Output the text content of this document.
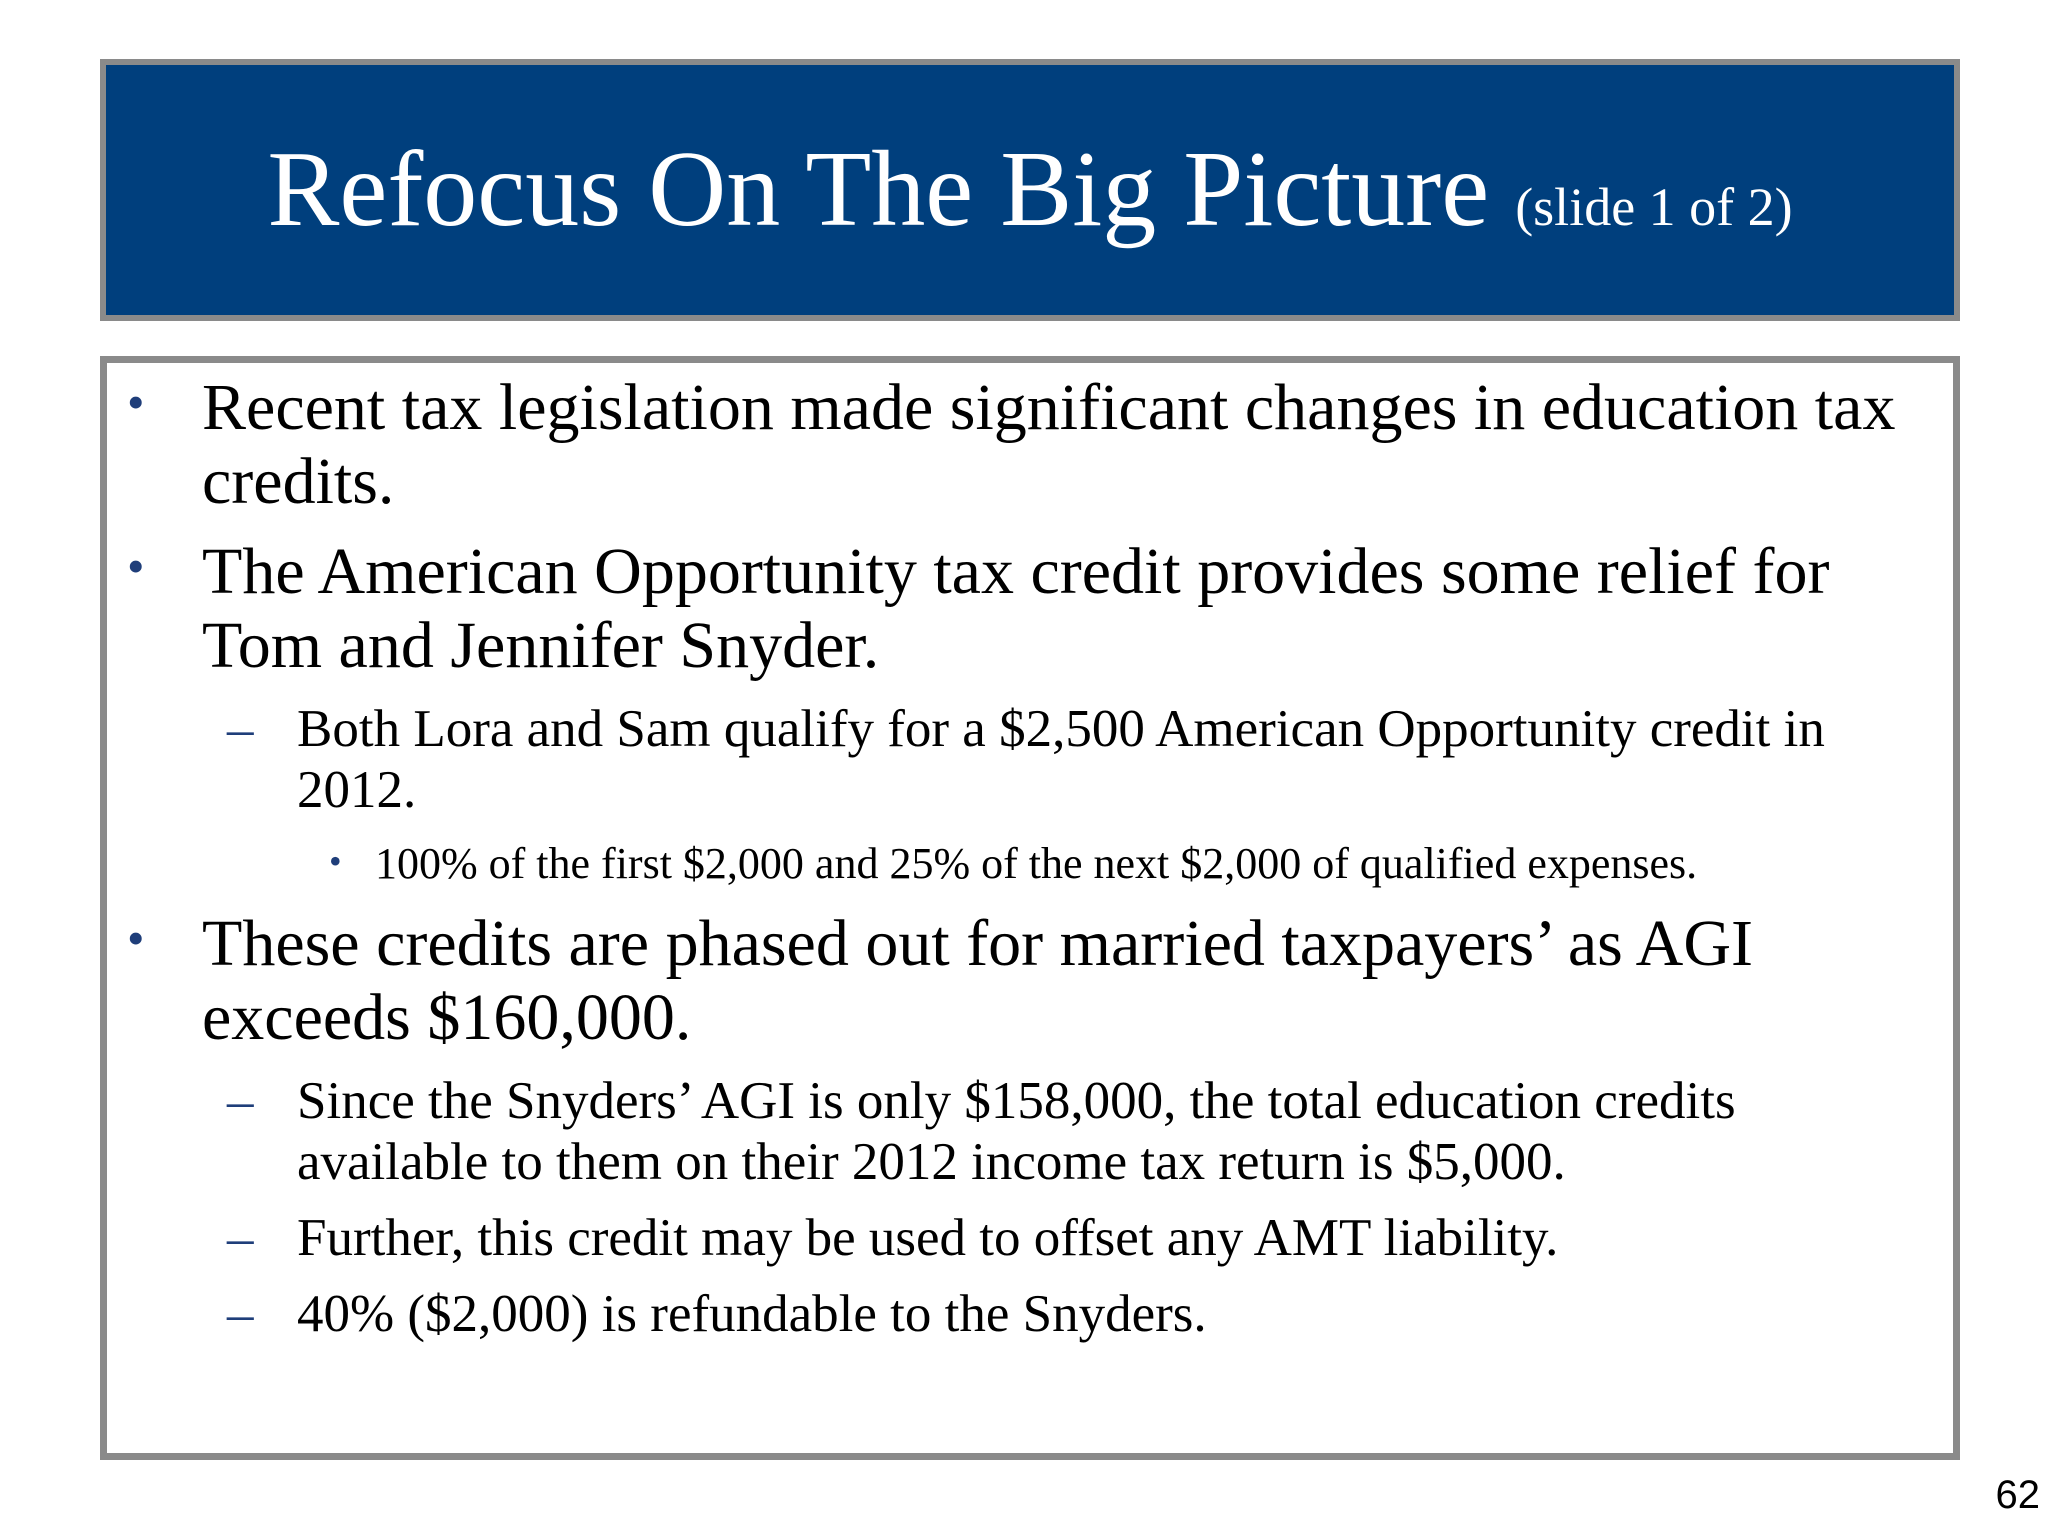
Refocus On The Big Picture (slide 1 of 2)
• Recent tax legislation made significant changes in education tax credits.
• The American Opportunity tax credit provides some relief for Tom and Jennifer Snyder.
– Both Lora and Sam qualify for a $2,500 American Opportunity credit in 2012.
• 100% of the first $2,000 and 25% of the next $2,000 of qualified expenses.
• These credits are phased out for married taxpayers’ as AGI exceeds $160,000.
– Since the Snyders’ AGI is only $158,000, the total education credits available to them on their 2012 income tax return is $5,000.
– Further, this credit may be used to offset any AMT liability.
– 40% ($2,000) is refundable to the Snyders.
62
